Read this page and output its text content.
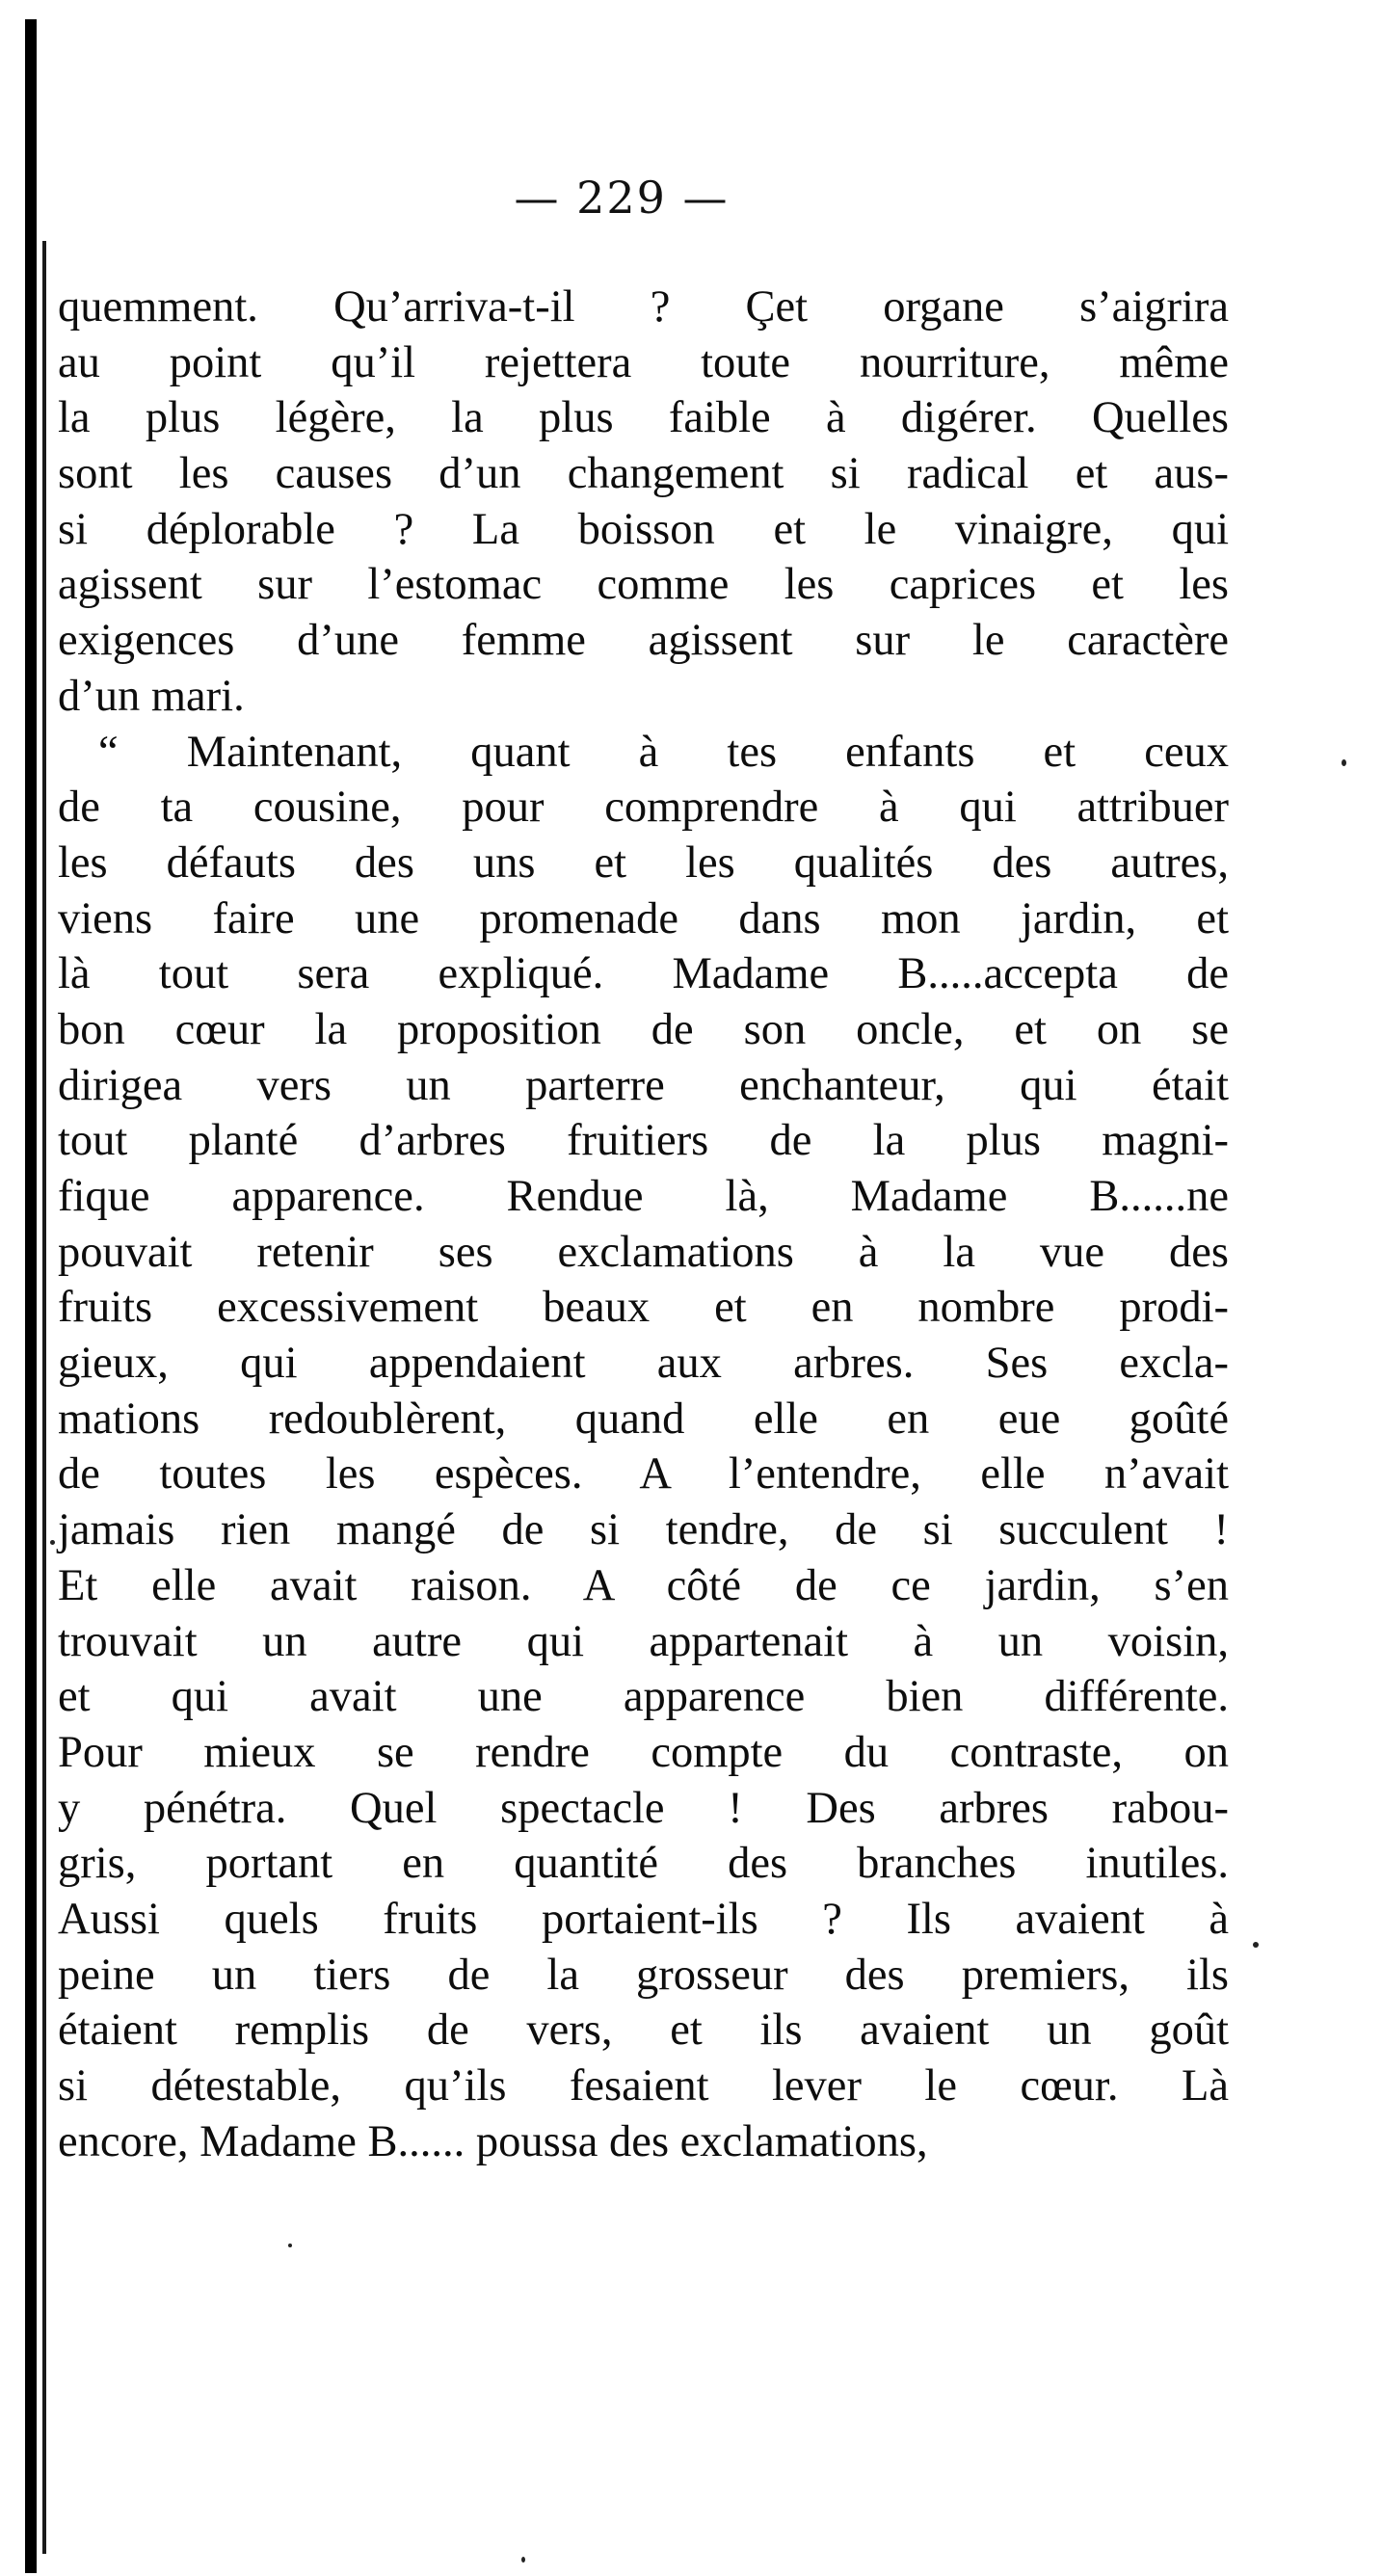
— 229 —
quemment. Qu’arriva-t-il ? Çet organe s’aigrira
au point qu’il rejettera toute nourriture, même
la plus légère, la plus faible à digérer. Quelles
sont les causes d’un changement si radical et aus-
si déplorable ? La boisson et le vinaigre, qui
agissent sur l’estomac comme les caprices et les
exigences d’une femme agissent sur le caractère
d’un mari.
“ Maintenant, quant à tes enfants et ceux
de ta cousine, pour comprendre à qui attribuer
les défauts des uns et les qualités des autres,
viens faire une promenade dans mon jardin, et
là tout sera expliqué. Madame B.....accepta de
bon cœur la proposition de son oncle, et on se
dirigea vers un parterre enchanteur, qui était
tout planté d’arbres fruitiers de la plus magni-
fique apparence. Rendue là, Madame B......ne
pouvait retenir ses exclamations à la vue des
fruits excessivement beaux et en nombre prodi-
gieux, qui appendaient aux arbres. Ses excla-
mations redoublèrent, quand elle en eue goûté
de toutes les espèces. A l’entendre, elle n’avait
jamais rien mangé de si tendre, de si succulent !
Et elle avait raison. A côté de ce jardin, s’en
trouvait un autre qui appartenait à un voisin,
et qui avait une apparence bien différente.
Pour mieux se rendre compte du contraste, on
y pénétra. Quel spectacle ! Des arbres rabou-
gris, portant en quantité des branches inutiles.
Aussi quels fruits portaient-ils ? Ils avaient à
peine un tiers de la grosseur des premiers, ils
étaient remplis de vers, et ils avaient un goût
si détestable, qu’ils fesaient lever le cœur. Là
encore, Madame B...... poussa des exclamations,
